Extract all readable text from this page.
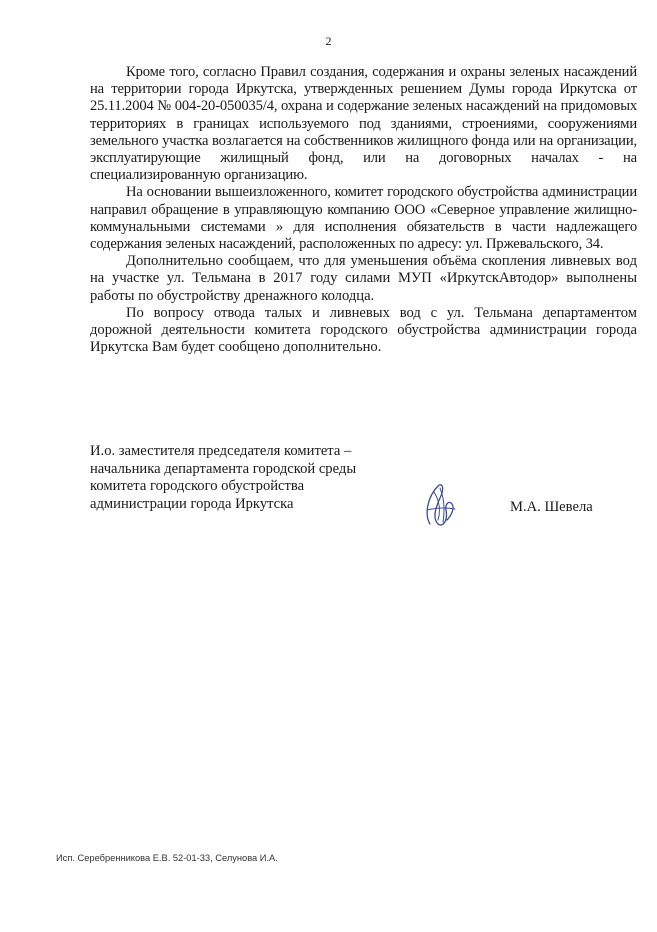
2

Кроме того, согласно Правил создания, содержания и охраны зеленых насаждений на территории города Иркутска, утвержденных решением Думы города Иркутска от 25.11.2004 № 004-20-050035/4, охрана и содержание зеленых насаждений на придомовых территориях в границах используемого под зданиями, строениями, сооружениями земельного участка возлагается на собственников жилищного фонда или на организации, эксплуатирующие жилищный фонд, или на договорных началах - на специализированную организацию.

На основании вышеизложенного, комитет городского обустройства администрации направил обращение в управляющую компанию ООО «Северное управление жилищно-коммунальными системами » для исполнения обязательств в части надлежащего содержания зеленых насаждений, расположенных по адресу: ул. Пржевальского, 34.

Дополнительно сообщаем, что для уменьшения объёма скопления ливневых вод на участке ул. Тельмана в 2017 году силами МУП «ИркутскАвтодор» выполнены работы по обустройству дренажного колодца.

По вопросу отвода талых и ливневых вод с ул. Тельмана департаментом дорожной деятельности комитета городского обустройства администрации города Иркутска Вам будет сообщено дополнительно.

И.о. заместителя председателя комитета –
начальника департамента городской среды
комитета городского обустройства
администрации города Иркутска	М.А. Шевела
Исп. Серебренникова Е.В. 52-01-33, Селунова И.А.
